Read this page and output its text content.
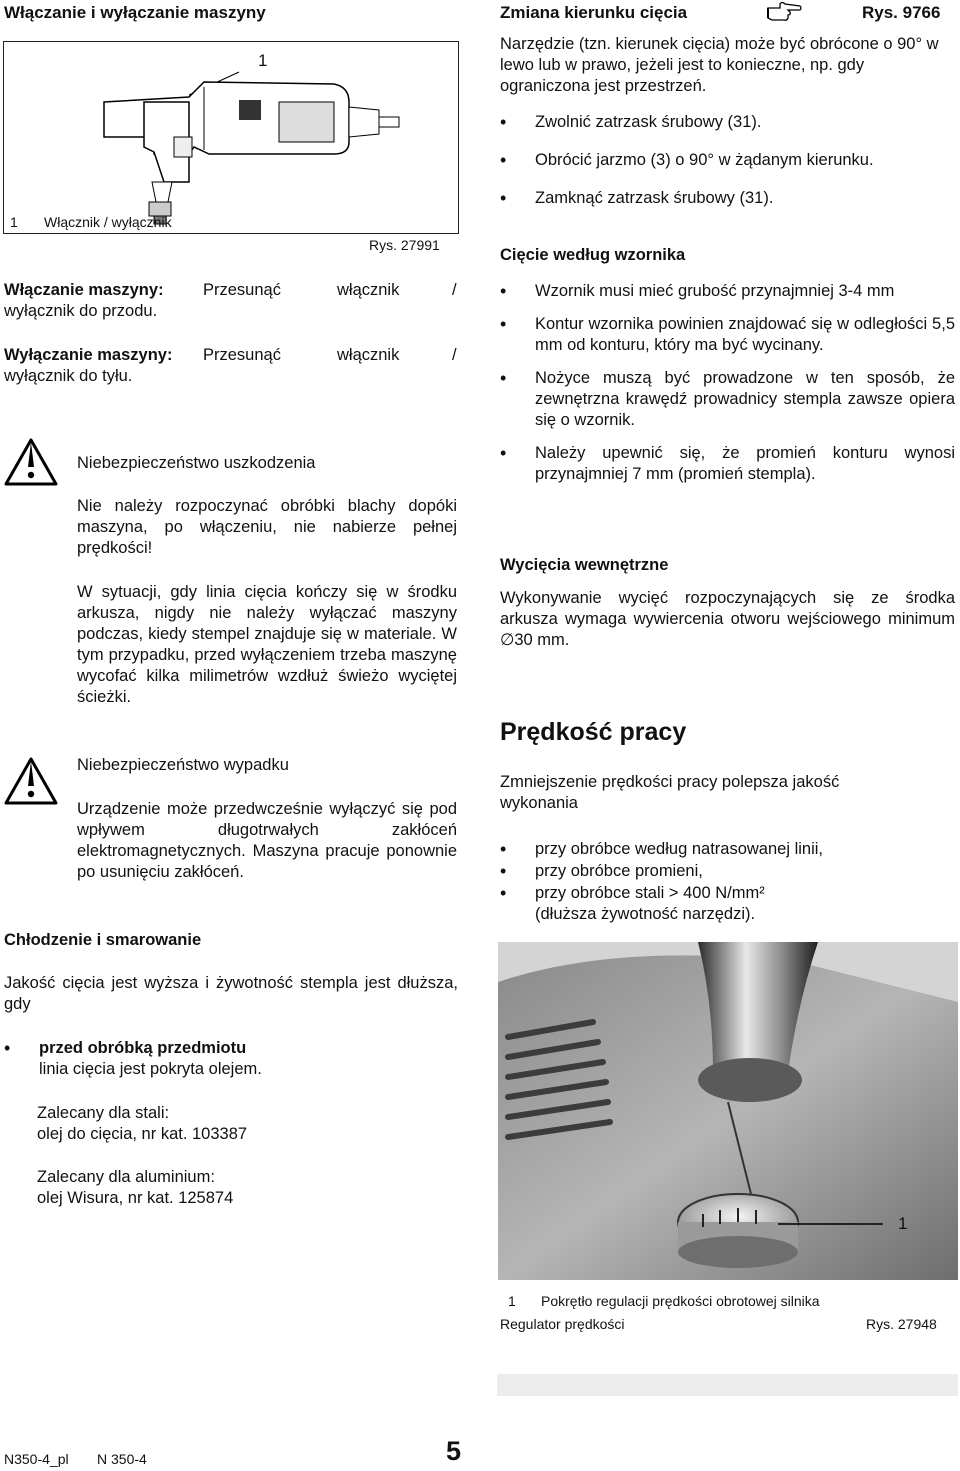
Włączanie i wyłączanie maszyny
1
1 Włącznik / wyłącznik
Rys. 27991
Włączanie maszyny: Przesunąć	włącznik	/
wyłącznik do przodu.
Wyłączanie maszyny: Przesunąć	włącznik	/
wyłącznik do tyłu.
Niebezpieczeństwo uszkodzenia
Nie należy rozpoczynać obróbki blachy dopóki maszyna, po włączeniu, nie nabierze pełnej prędkości!
W sytuacji, gdy linia cięcia kończy się w środku arkusza, nigdy nie należy wyłączać maszyny podczas, kiedy stempel znajduje się w materiale. W tym przypadku, przed wyłączeniem trzeba maszynę wycofać kilka milimetrów wzdłuż świeżo wyciętej ścieżki.
Niebezpieczeństwo wypadku
Urządzenie może przedwcześnie wyłączyć się pod wpływem długotrwałych zakłóceń elektromagnetycznych. Maszyna pracuje ponownie po usunięciu zakłóceń.
Chłodzenie i smarowanie
Jakość cięcia jest wyższa i żywotność stempla jest dłuższa, gdy
• przed obróbką przedmiotu
linia cięcia jest pokryta olejem.
Zalecany dla stali:
olej do cięcia, nr kat. 103387
Zalecany dla aluminium:
olej Wisura, nr kat. 125874
Zmiana kierunku cięcia	Rys. 9766
Narzędzie (tzn. kierunek cięcia) może być obrócone o 90° w lewo lub w prawo, jeżeli jest to konieczne, np. gdy ograniczona jest przestrzeń.
• Zwolnić zatrzask śrubowy (31).
• Obrócić jarzmo (3) o 90° w żądanym kierunku.
• Zamknąć zatrzask śrubowy (31).
Cięcie według wzornika
• Wzornik musi mieć grubość przynajmniej 3-4 mm
• Kontur wzornika powinien znajdować się w odległości 5,5 mm od konturu, który ma być wycinany.
• Nożyce muszą być prowadzone w ten sposób, że zewnętrzna krawędź prowadnicy stempla zawsze opiera się o wzornik.
• Należy upewnić się, że promień konturu wynosi przynajmniej 7 mm (promień stempla).
Wycięcia wewnętrzne
Wykonywanie wycięć rozpoczynających się ze środka arkusza wymaga wywiercenia otworu wejściowego minimum ∅30 mm.
Prędkość pracy
Zmniejszenie prędkości pracy polepsza jakość wykonania
• przy obróbce według natrasowanej linii,
• przy obróbce promieni,
• przy obróbce stali > 400 N/mm²
(dłuższa żywotność narzędzi).
1
1 Pokrętło regulacji prędkości obrotowej silnika
Regulator prędkości	Rys. 27948
N350-4_pl N 350-4	5
